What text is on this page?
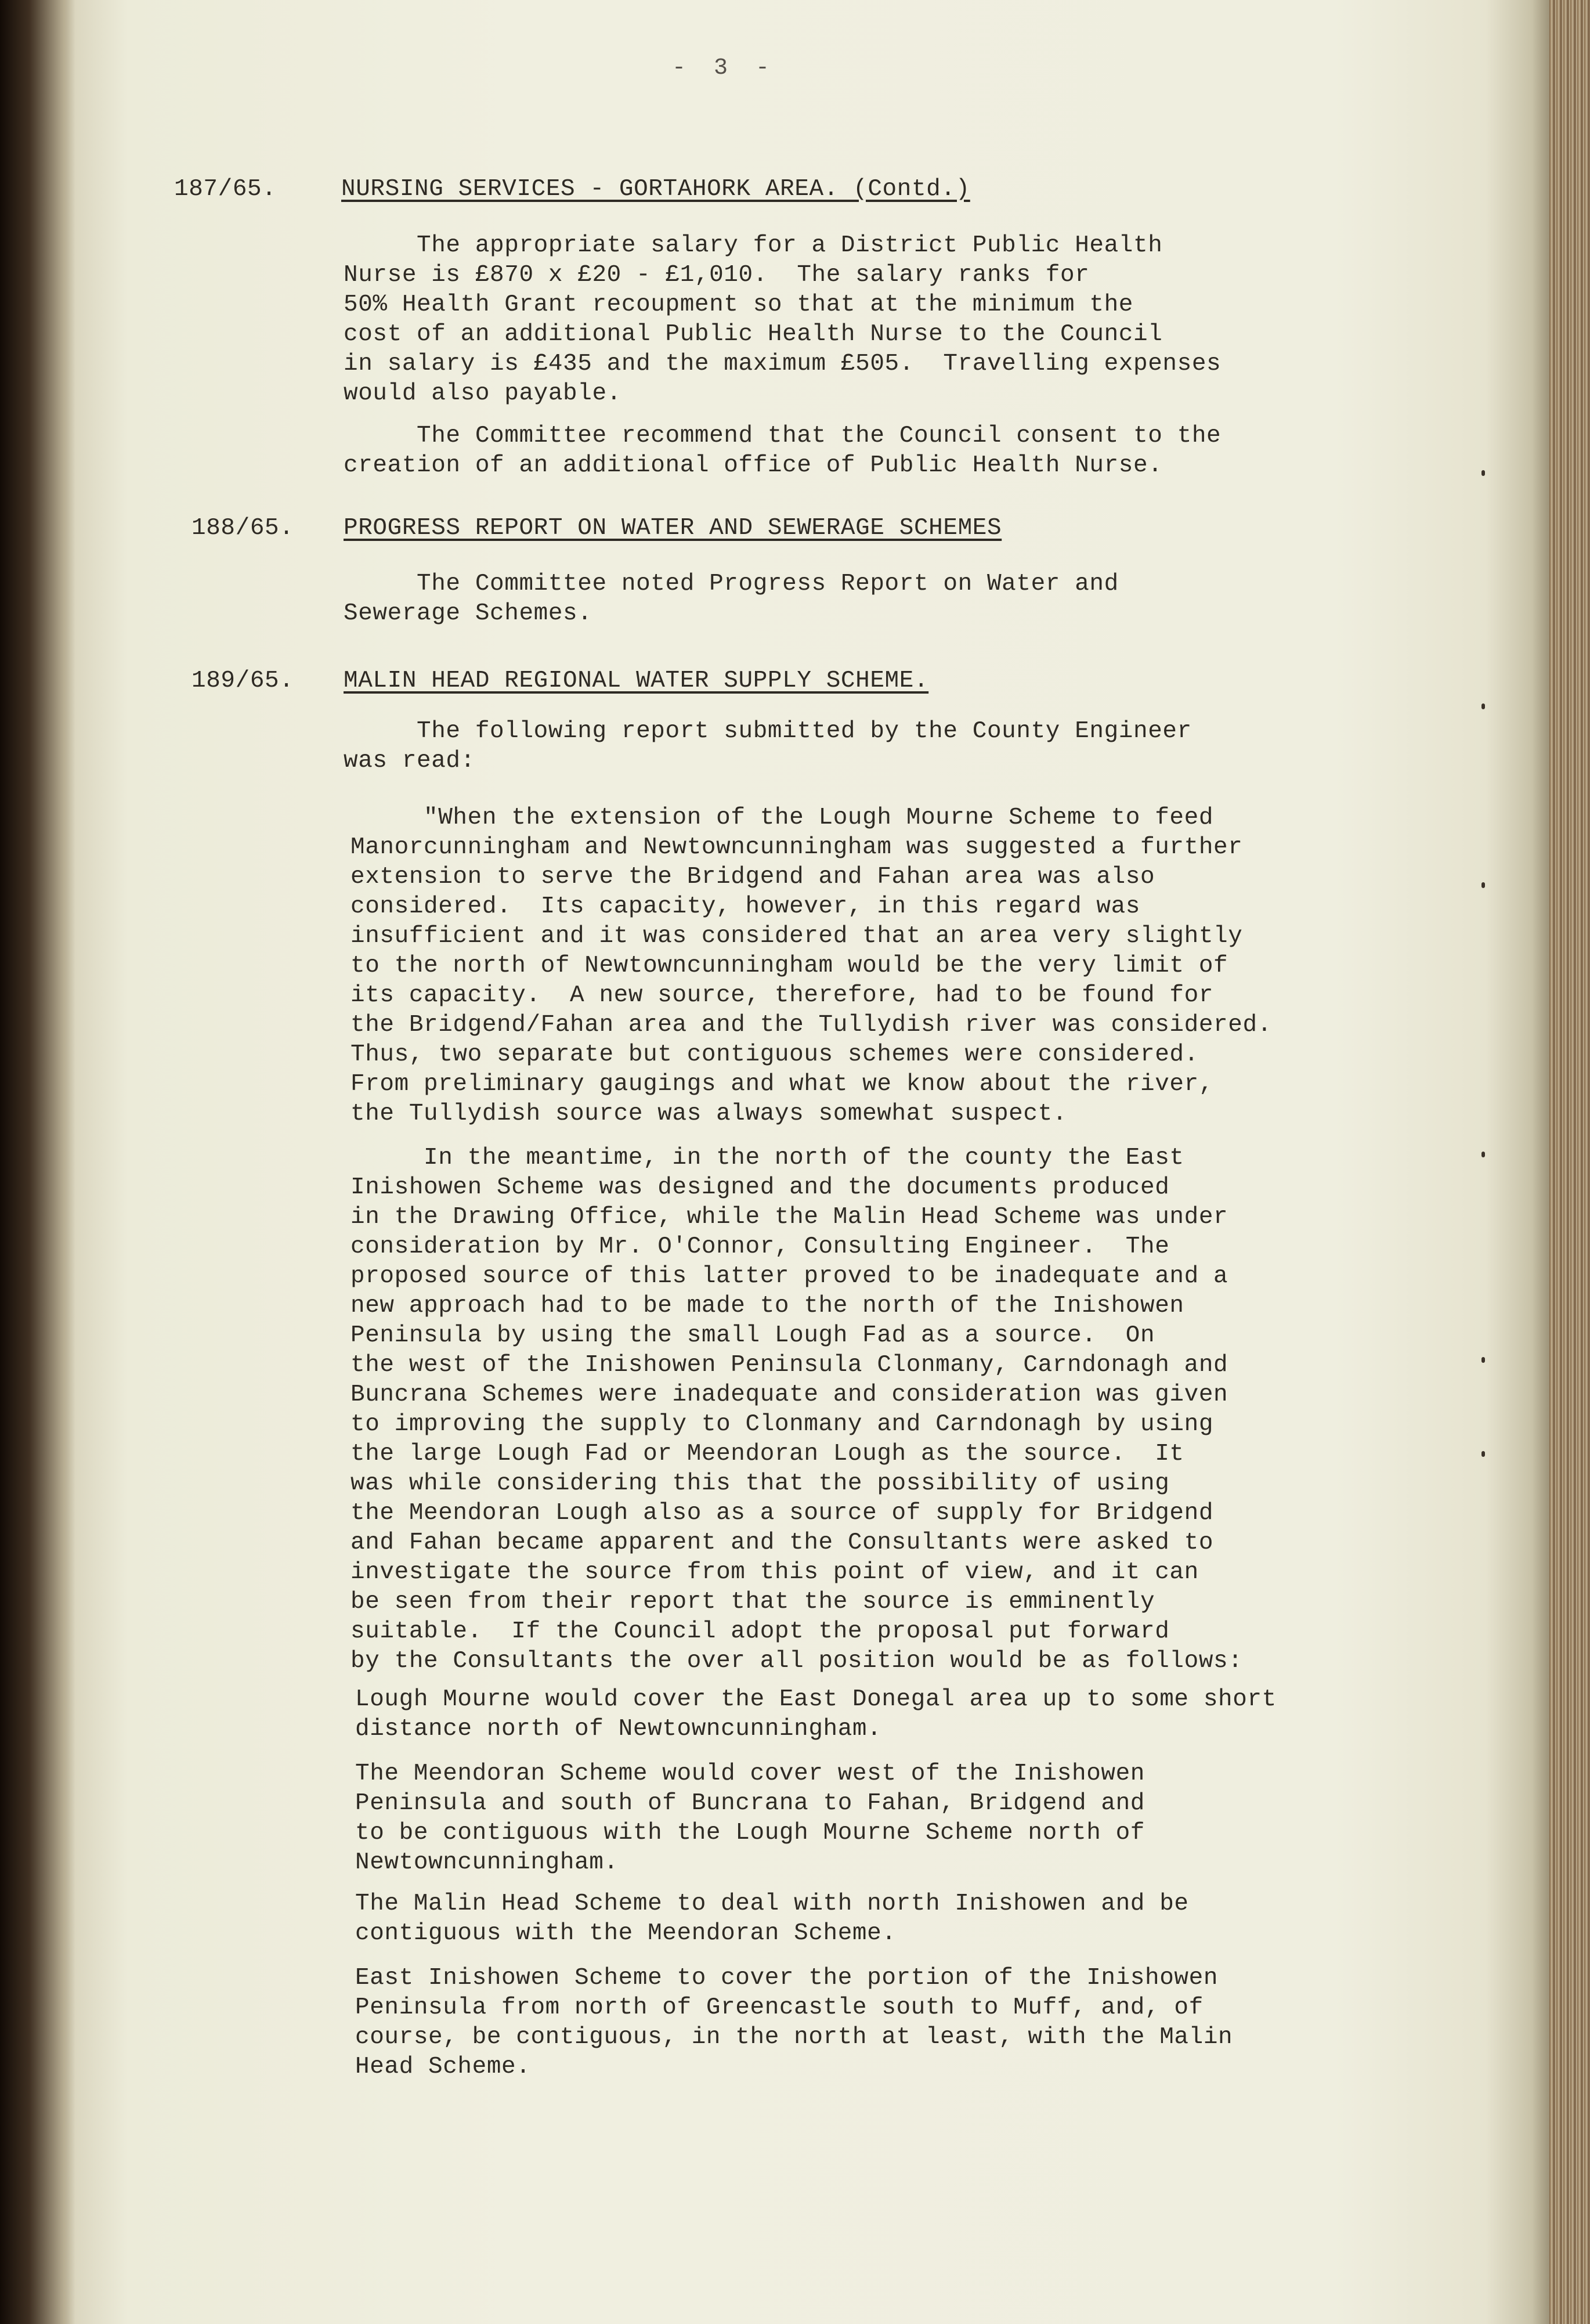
-  3  -
187/65.	NURSING SERVICES - GORTAHORK AREA. (Contd.)
The appropriate salary for a District Public Health
Nurse is £870 x £20 - £1,010.  The salary ranks for
50% Health Grant recoupment so that at the minimum the
cost of an additional Public Health Nurse to the Council
in salary is £435 and the maximum £505.  Travelling expenses
would also payable.
The Committee recommend that the Council consent to the
creation of an additional office of Public Health Nurse.
188/65. PROGRESS REPORT ON WATER AND SEWERAGE SCHEMES
The Committee noted Progress Report on Water and
Sewerage Schemes.
189/65. MALIN HEAD REGIONAL WATER SUPPLY SCHEME.
The following report submitted by the County Engineer
was read:
"When the extension of the Lough Mourne Scheme to feed
Manorcunningham and Newtowncunningham was suggested a further
extension to serve the Bridgend and Fahan area was also
considered.  Its capacity, however, in this regard was
insufficient and it was considered that an area very slightly
to the north of Newtowncunningham would be the very limit of
its capacity.  A new source, therefore, had to be found for
the Bridgend/Fahan area and the Tullydish river was considered.
Thus, two separate but contiguous schemes were considered.
From preliminary gaugings and what we know about the river,
the Tullydish source was always somewhat suspect.
In the meantime, in the north of the county the East
Inishowen Scheme was designed and the documents produced
in the Drawing Office, while the Malin Head Scheme was under
consideration by Mr. O'Connor, Consulting Engineer.  The
proposed source of this latter proved to be inadequate and a
new approach had to be made to the north of the Inishowen
Peninsula by using the small Lough Fad as a source.  On
the west of the Inishowen Peninsula Clonmany, Carndonagh and
Buncrana Schemes were inadequate and consideration was given
to improving the supply to Clonmany and Carndonagh by using
the large Lough Fad or Meendoran Lough as the source.  It
was while considering this that the possibility of using
the Meendoran Lough also as a source of supply for Bridgend
and Fahan became apparent and the Consultants were asked to
investigate the source from this point of view, and it can
be seen from their report that the source is emminently
suitable.  If the Council adopt the proposal put forward
by the Consultants the over all position would be as follows:
Lough Mourne would cover the East Donegal area up to some short
distance north of Newtowncunningham.
The Meendoran Scheme would cover west of the Inishowen
Peninsula and south of Buncrana to Fahan, Bridgend and
to be contiguous with the Lough Mourne Scheme north of
Newtowncunningham.
The Malin Head Scheme to deal with north Inishowen and be
contiguous with the Meendoran Scheme.
East Inishowen Scheme to cover the portion of the Inishowen
Peninsula from north of Greencastle south to Muff, and, of
course, be contiguous, in the north at least, with the Malin
Head Scheme.
